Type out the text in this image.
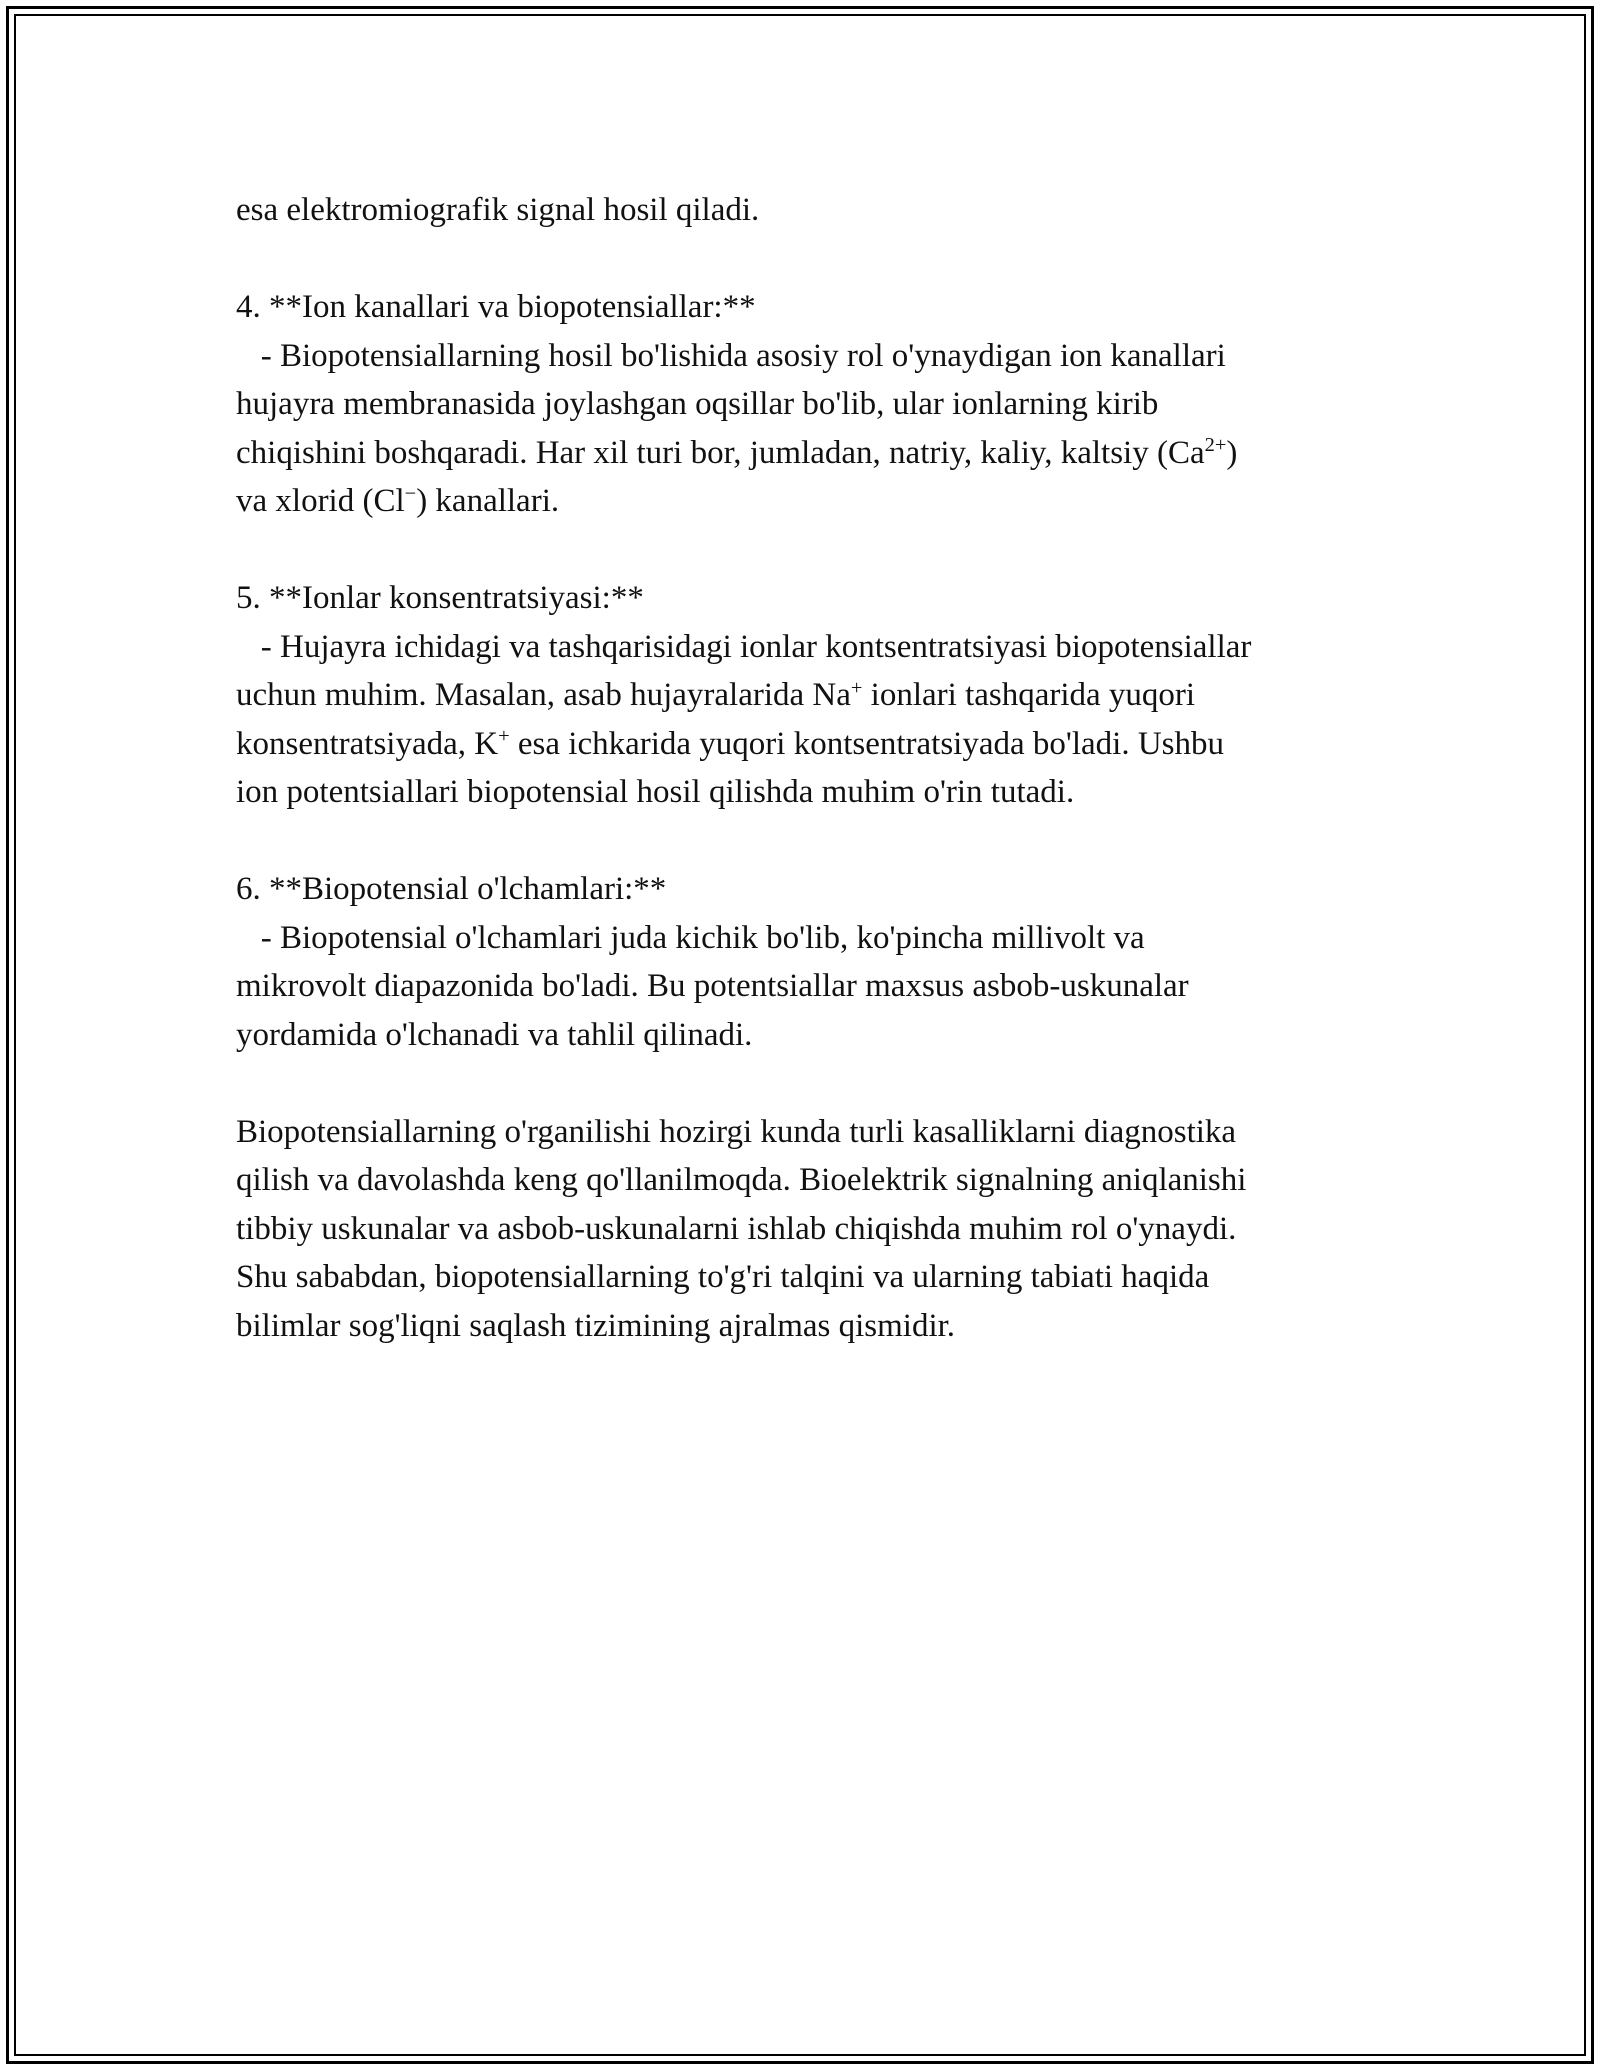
esa elektromiografik signal hosil qiladi.
4. **Ion kanallari va biopotensiallar:**
- Biopotensiallarning hosil bo'lishida asosiy rol o'ynaydigan ion kanallari
hujayra membranasida joylashgan oqsillar bo'lib, ular ionlarning kirib
chiqishini boshqaradi. Har xil turi bor, jumladan, natriy, kaliy, kaltsiy $(Ca^{2+})$
va xlorid (Cl−) kanallari.
5. **Ionlar konsentratsiyasi:**
- Hujayra ichidagi va tashqarisidagi ionlar kontsentratsiyasi biopotensiallar
uchun muhim. Masalan, asab hujayralarida Na+ ionlari tashqarida yuqori
konsentratsiyada, K+ esa ichkarida yuqori kontsentratsiyada bo'ladi. Ushbu
ion potentsiallari biopotensial hosil qilishda muhim o'rin tutadi.
6. **Biopotensial o'lchamlari:**
- Biopotensial o'lchamlari juda kichik bo'lib, ko'pincha millivolt va
mikrovolt diapazonida bo'ladi. Bu potentsiallar maxsus asbob-uskunalar
yordamida o'lchanadi va tahlil qilinadi.
Biopotensiallarning o'rganilishi hozirgi kunda turli kasalliklarni diagnostika
qilish va davolashda keng qo'llanilmoqda. Bioelektrik signalning aniqlanishi
tibbiy uskunalar va asbob-uskunalarni ishlab chiqishda muhim rol o'ynaydi.
Shu sababdan, biopotensiallarning to'g'ri talqini va ularning tabiati haqida
bilimlar sog'liqni saqlash tizimining ajralmas qismidir.
